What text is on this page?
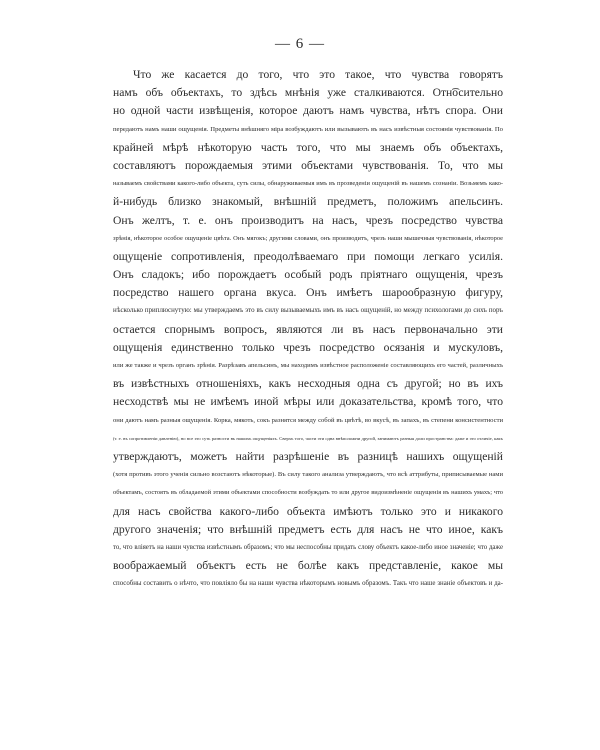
— 6 —
Что же касается до того, что это такое, что чувства говорятъ
намъ объ объектахъ, то здѣсь мнѣнія уже сталкиваются. Отн͡осительно
но одной части извѣщенія, которое даютъ намъ чувства, нѣтъ спора. Они
передаютъ намъ наши ощущенія. Предметы внѣшняго міра возбуждаютъ или вызываютъ въ насъ извѣстныя состоянія чувствованія. По
крайней мѣрѣ нѣкоторую часть того, что мы знаемъ объ объектахъ,
составляютъ порождаемыя этими объектами чувствованія. То, что мы
называемъ свойствами какого-либо объекта, суть силы, обнаруживаемыя имъ въ прозведеніи ощущеній въ нашемъ сознаніи. Возьмемъ како-
й-нибудь близко знакомый, внѣшній предметъ, положимъ апельсинъ.
Онъ желтъ, т. е. онъ производитъ на насъ, чрезъ посредство чувства
зрѣнія, нѣкоторое особое ощущеніе цвѣта. Онъ мягокъ; другими словами, онъ производитъ, чрезъ наши мышечныя чувствованія, нѣкоторое
ощущеніе сопротивленія, преодолѣваемаго при помощи легкаго усилія.
Онъ сладокъ; ибо порождаетъ особый родъ пріятнаго ощущенія, чрезъ
посредство нашего органа вкуса. Онъ имѣетъ шарообразную фигуру,
нѣсколько приплюснутую: мы утверждаемъ это въ силу вызываемыхъ имъ въ насъ ощущеній, но между психологами до сихъ поръ
остается спорнымъ вопросъ, являются ли въ насъ первоначально эти
ощущенія единственно только чрезъ посредство осязанія и мускуловъ,
или же также и чрезъ органъ зрѣнія. Разрѣзавъ апельсинъ, мы находимъ извѣстное расположеніе составляющихъ его частей, различныхъ
въ извѣстныхъ отношеніяхъ, какъ несходныя одна съ другой; но въ ихъ
несходствѣ мы не имѣемъ иной мѣры или доказательства, кромѣ того, что
они даютъ намъ разныя ощущенія. Корка, мякоть, сокъ разнятся между собой въ цвѣтѣ, во вкусѣ, въ запахъ, въ степени консистентности
(т. е. въ сопротивленіи давленію), но все это суть разности въ нашихъ ощущеніяхъ. Сверхъ того, части эти одна внѣположни другой, занимаютъ разныя доли пространства: даже и это отличіе, какъ
утверждаютъ, можетъ найти разрѣшеніе въ разницѣ нашихъ ощущеній
(хотя противъ этого ученія сильно возстаютъ нѣкоторые). Въ силу такого анализа утверждаютъ, что всѣ аттрибуты, приписываемые нами
объектамъ, состоятъ въ обладаемой этими объектами способности возбуждать то или другое видоизмѣненіе ощущенія въ нашихъ умахъ; что
для насъ свойства какого-либо объекта имѣютъ только это и никакого
другого значенія; что внѣшній предметъ есть для насъ не что иное, какъ
то, что вліяетъ на наши чувства извѣстнымъ образомъ; что мы неспособны придать слову объектъ какое-либо иное значеніе; что даже
воображаемый объектъ есть не болѣе какъ представленіе, какое мы
способны составить о нѣчто, что повліяло бы на наши чувства нѣкоторымъ новымъ образомъ. Такъ что наше знаніе объектовъ и да-
